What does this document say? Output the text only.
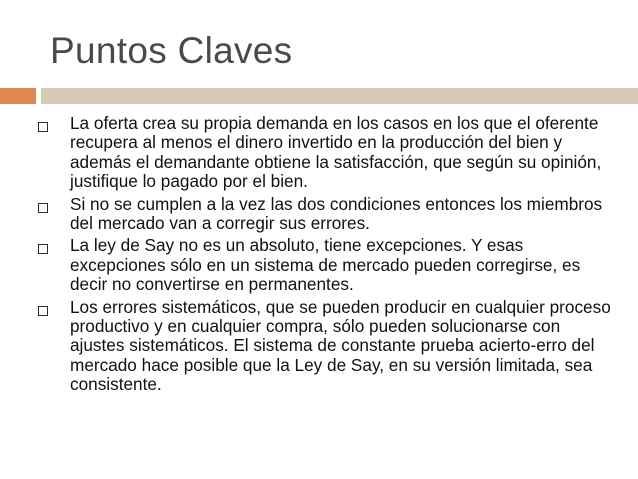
Puntos Claves
La oferta crea su propia demanda en los casos en los que el oferente recupera al menos el dinero invertido en la producción del bien y además el demandante obtiene la satisfacción, que según su opinión, justifique lo pagado por el bien.
Si no se cumplen a la vez las dos condiciones entonces los miembros del mercado van a corregir sus errores.
La ley de Say no es un absoluto, tiene excepciones. Y esas excepciones sólo en un sistema de mercado pueden corregirse, es decir no convertirse en permanentes.
Los errores sistemáticos, que se pueden producir en cualquier proceso productivo y en cualquier compra, sólo pueden solucionarse con ajustes sistemáticos. El sistema de constante prueba acierto-erro del mercado hace posible que la Ley de Say, en su versión limitada, sea consistente.
